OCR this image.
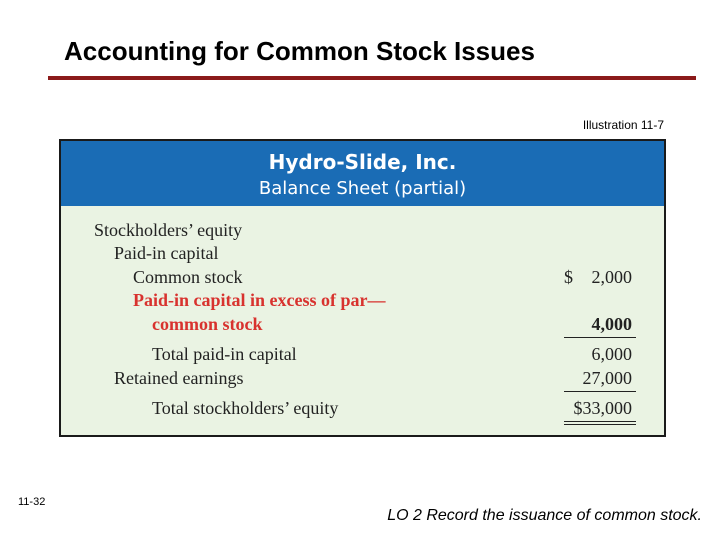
Accounting for Common Stock Issues
Illustration 11-7
Hydro-Slide, Inc.
Balance Sheet (partial)
Stockholders’ equity
Paid-in capital
Common stock	$ 2,000
Paid-in capital in excess of par—
common stock	4,000
Total paid-in capital	6,000
Retained earnings	27,000
Total stockholders’ equity	$33,000
11-32
LO 2 Record the issuance of common stock.
